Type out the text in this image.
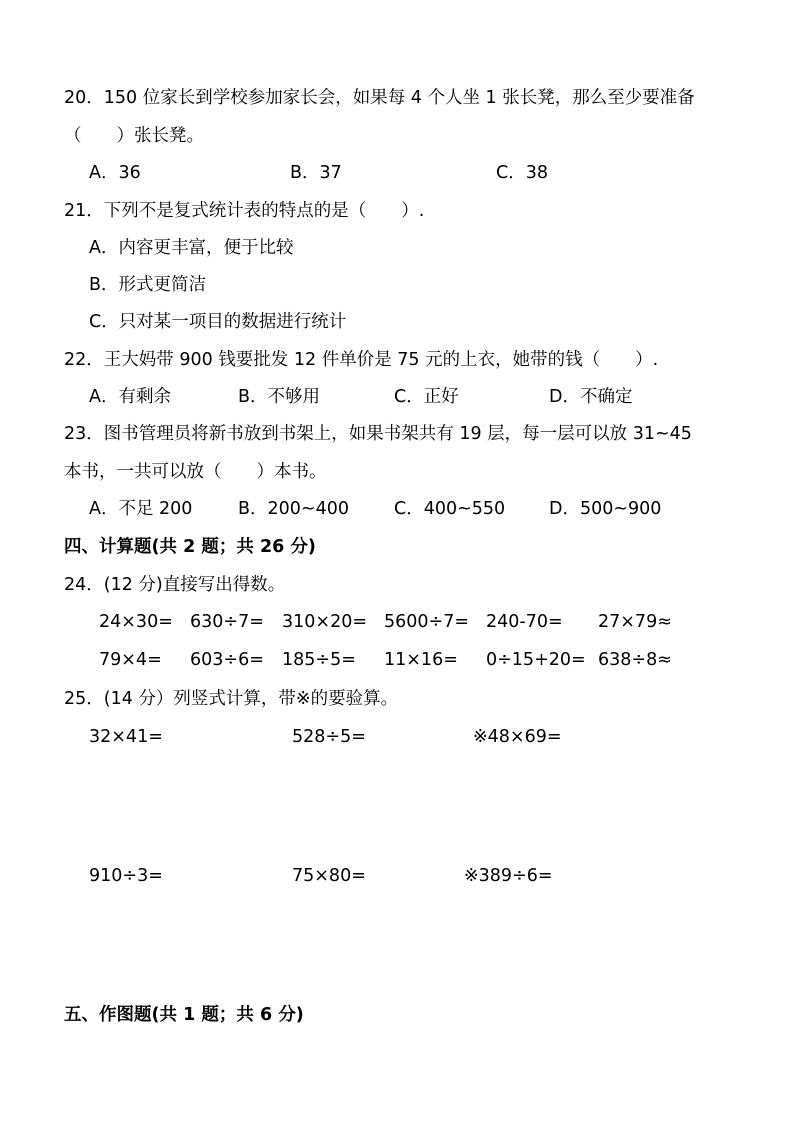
20．150 位家长到学校参加家长会，如果每 4 个人坐 1 张长凳，那么至少要准备
（　　）张长凳。
A．36	B．37	C．38
21．下列不是复式统计表的特点的是（　　）.
A．内容更丰富，便于比较
B．形式更简洁
C．只对某一项目的数据进行统计
22．王大妈带 900 钱要批发 12 件单价是 75 元的上衣，她带的钱（　　）.
A．有剩余	B．不够用	C．正好	D．不确定
23．图书管理员将新书放到书架上，如果书架共有 19 层，每一层可以放 31~45
本书，一共可以放（　　）本书。
A．不足 200	B．200~400	C．400~550	D．500~900
四、计算题(共 2 题；共 26 分)
24．(12 分)直接写出得数。
24×30= 630÷7= 310×20= 5600÷7= 240-70= 27×79≈
79×4= 603÷6= 185÷5= 11×16= 0÷15+20= 638÷8≈
25．(14 分）列竖式计算，带※的要验算。
32×41=	528÷5=	※48×69=
910÷3=	75×80=	※389÷6=
五、作图题(共 1 题；共 6 分)
